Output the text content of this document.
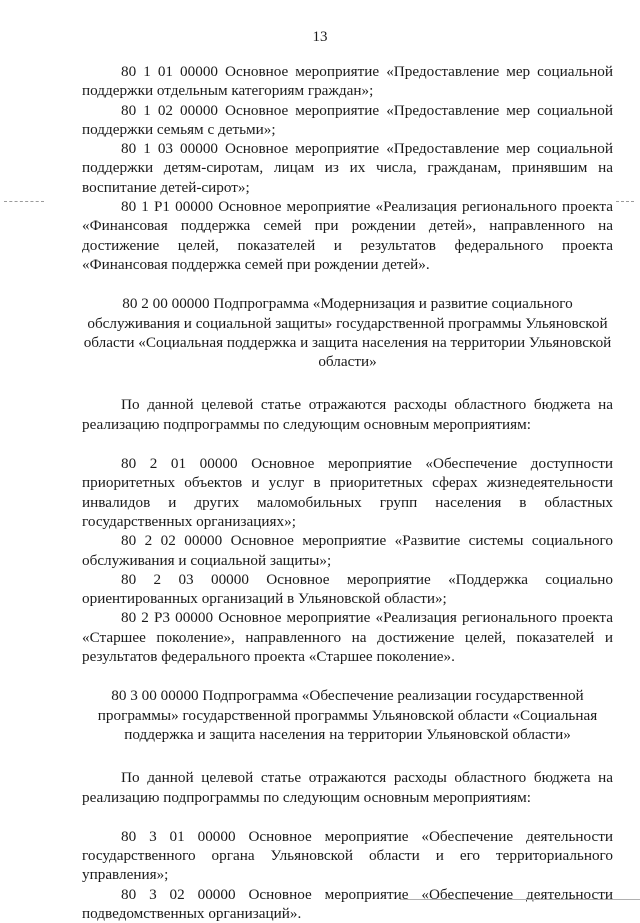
13

80 1 01 00000 Основное мероприятие «Предоставление мер социальной поддержки отдельным категориям граждан»;

80 1 02 00000 Основное мероприятие «Предоставление мер социальной поддержки семьям с детьми»;

80 1 03 00000 Основное мероприятие «Предоставление мер социальной поддержки детям-сиротам, лицам из их числа, гражданам, принявшим на воспитание детей-сирот»;

80 1 P1 00000 Основное мероприятие «Реализация регионального проекта «Финансовая поддержка семей при рождении детей», направленного на достижение целей, показателей и результатов федерального проекта «Финансовая поддержка семей при рождении детей».

80 2 00 00000 Подпрограмма «Модернизация и развитие социального обслуживания и социальной защиты» государственной программы Ульяновской области «Социальная поддержка и защита населения на территории Ульяновской области»

По данной целевой статье отражаются расходы областного бюджета на реализацию подпрограммы по следующим основным мероприятиям:

80 2 01 00000 Основное мероприятие «Обеспечение доступности приоритетных объектов и услуг в приоритетных сферах жизнедеятельности инвалидов и других маломобильных групп населения в областных государственных организациях»;

80 2 02 00000 Основное мероприятие «Развитие системы социального обслуживания и социальной защиты»;

80 2 03 00000 Основное мероприятие «Поддержка социально ориентированных организаций в Ульяновской области»;

80 2 P3 00000 Основное мероприятие «Реализация регионального проекта «Старшее поколение», направленного на достижение целей, показателей и результатов федерального проекта «Старшее поколение».

80 3 00 00000 Подпрограмма «Обеспечение реализации государственной программы» государственной программы Ульяновской области «Социальная поддержка и защита населения на территории Ульяновской области»

По данной целевой статье отражаются расходы областного бюджета на реализацию подпрограммы по следующим основным мероприятиям:

80 3 01 00000 Основное мероприятие «Обеспечение деятельности государственного органа Ульяновской области и его территориального управления»;

80 3 02 00000 Основное мероприятие «Обеспечение деятельности подведомственных организаций».
